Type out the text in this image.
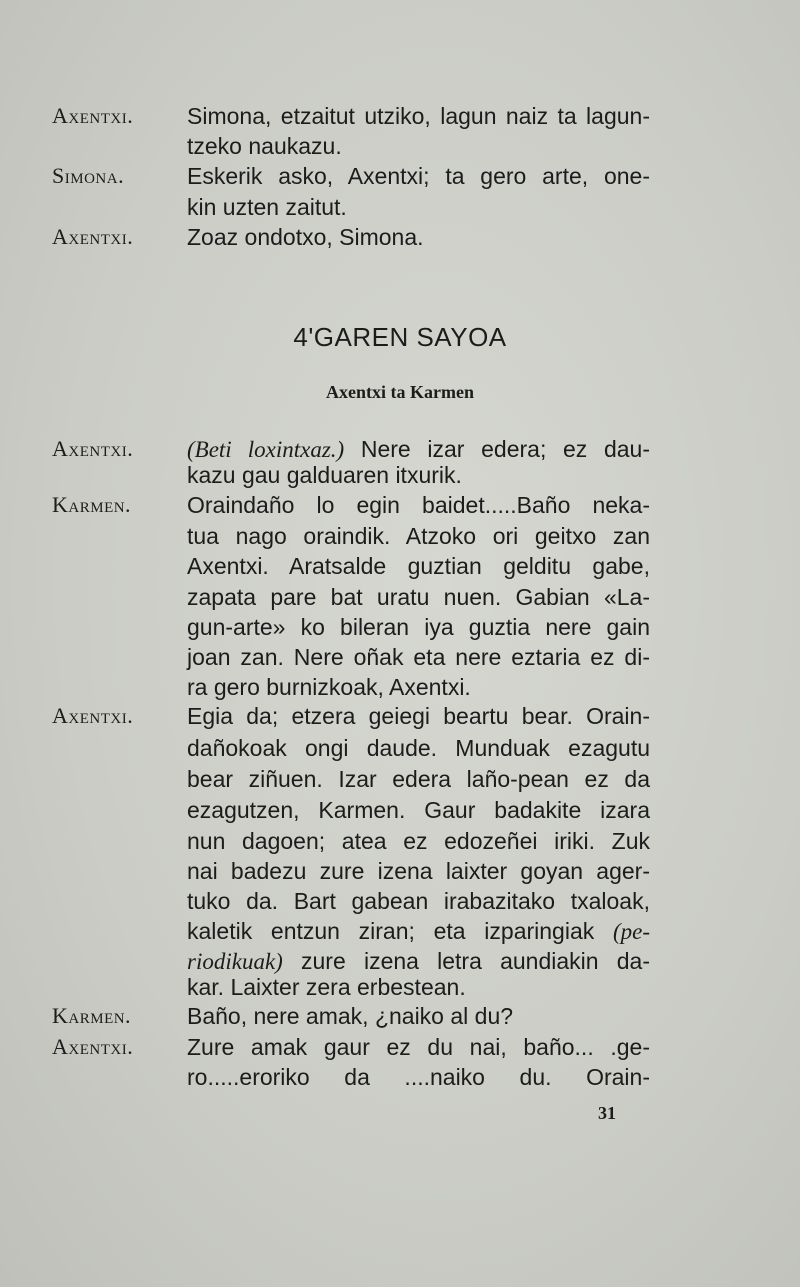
Axentxi.
Simona.
Axentxi.
Axentxi.
Karmen.
Axentxi.
Karmen.
Axentxi.
Simona, etzaitut utziko, lagun naiz ta lagun-
tzeko naukazu.
Eskerik asko, Axentxi; ta gero arte, one-
kin uzten zaitut.
Zoaz ondotxo, Simona.
4'GAREN SAYOA
Axentxi ta Karmen
(Beti loxintxaz.) Nere izar edera; ez dau-
kazu gau galduaren itxurik.
Oraindaño lo egin baidet.....Baño neka-
tua nago oraindik. Atzoko ori geitxo zan
Axentxi. Aratsalde guztian gelditu gabe,
zapata pare bat uratu nuen. Gabian «La-
gun-arte» ko bileran iya guztia nere gain
joan zan. Nere oñak eta nere eztaria ez di-
ra gero burnizkoak, Axentxi.
Egia da; etzera geiegi beartu bear. Orain-
dañokoak ongi daude. Munduak ezagutu
bear ziñuen. Izar edera laño-pean ez da
ezagutzen, Karmen. Gaur badakite izara
nun dagoen; atea ez edozeñei iriki. Zuk
nai badezu zure izena laixter goyan ager-
tuko da. Bart gabean irabazitako txaloak,
kaletik entzun ziran; eta izparingiak (pe-
riodikuak) zure izena letra aundiakin da-
kar. Laixter zera erbestean.
Baño, nere amak, ¿naiko al du?
Zure amak gaur ez du nai, baño... .ge-
ro.....eroriko da ....naiko du. Orain-
31
